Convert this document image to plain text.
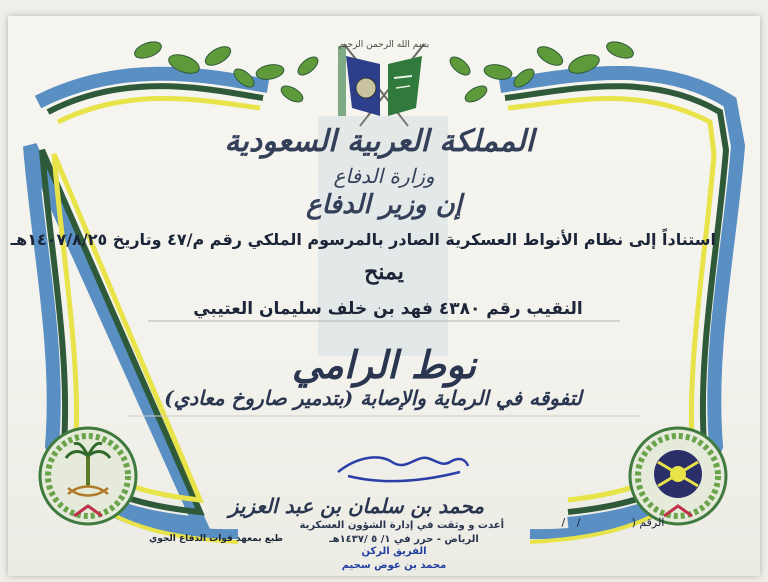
بسم الله الرحمن الرحيم
المملكة العربية السعودية
وزارة الدفاع
إن وزير الدفاع
استناداً إلى نظام الأنواط العسكرية الصادر بالمرسوم الملكي رقم م/٤٧ وتاريخ ١٤٠٧/٨/٢٥هـ
يمنح
النقيب رقم ٤٣٨٠ فهد بن خلف سليمان العتيبي
نوط الرامي
لتفوقه في الرماية والإصابة (بتدمير صاروخ معادي)
محمد بن سلمان بن عبد العزيز
أعدت و وثقت في إدارة الشؤون العسكرية
الرياض - حرر في ١/ ٥ /١٤٣٧هـ
الفريق الركن
محمد بن عوض سحيم
طبع بمعهد قوات الدفاع الجوي
الرقم (
/ /
